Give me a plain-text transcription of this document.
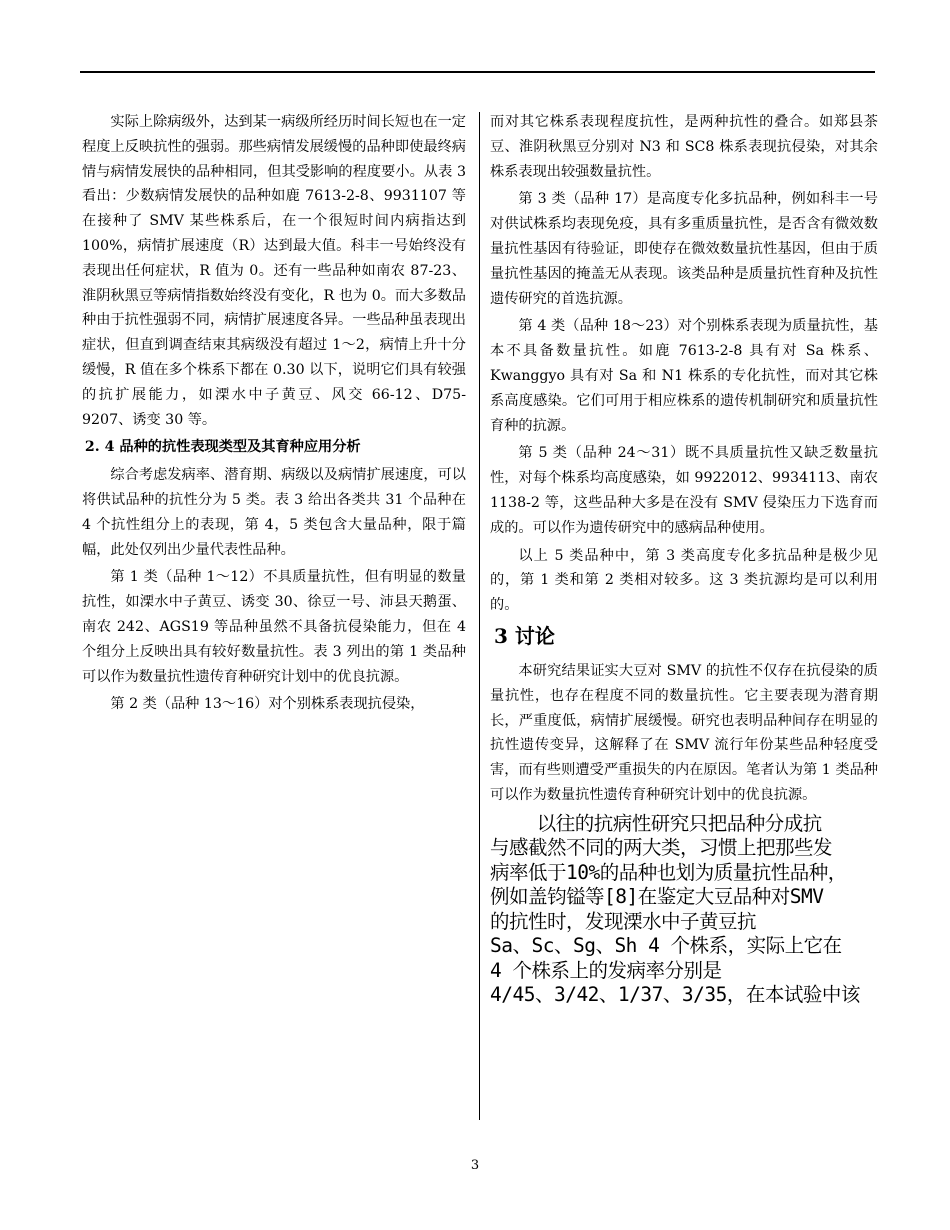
实际上除病级外，达到某一病级所经历时间长短也在一定程度上反映抗性的强弱。那些病情发展缓慢的品种即使最终病情与病情发展快的品种相同，但其受影响的程度要小。从表 3 看出：少数病情发展快的品种如鹿 7613-2-8、9931107 等在接种了 SMV 某些株系后，在一个很短时间内病指达到 100%，病情扩展速度（R）达到最大值。科丰一号始终没有表现出任何症状，R 值为 0。还有一些品种如南农 87-23、淮阴秋黑豆等病情指数始终没有变化，R 也为 0。而大多数品种由于抗性强弱不同，病情扩展速度各异。一些品种虽表现出症状，但直到调查结束其病级没有超过 1～2，病情上升十分缓慢，R 值在多个株系下都在 0.30 以下，说明它们具有较强的抗扩展能力，如溧水中子黄豆、风交 66-12、D75-9207、诱变 30 等。

2. 4 品种的抗性表现类型及其育种应用分析

综合考虑发病率、潜育期、病级以及病情扩展速度，可以将供试品种的抗性分为 5 类。表 3 给出各类共 31 个品种在 4 个抗性组分上的表现，第 4，5 类包含大量品种，限于篇幅，此处仅列出少量代表性品种。

第 1 类（品种 1～12）不具质量抗性，但有明显的数量抗性，如溧水中子黄豆、诱变 30、徐豆一号、沛县天鹅蛋、南农 242、AGS19 等品种虽然不具备抗侵染能力，但在 4 个组分上反映出具有较好数量抗性。表 3 列出的第 1 类品种可以作为数量抗性遗传育种研究计划中的优良抗源。

第 2 类（品种 13～16）对个别株系表现抗侵染，

而对其它株系表现程度抗性，是两种抗性的叠合。如郑县茶豆、淮阴秋黑豆分别对 N3 和 SC8 株系表现抗侵染，对其余株系表现出较强数量抗性。

第 3 类（品种 17）是高度专化多抗品种，例如科丰一号对供试株系均表现免疫，具有多重质量抗性，是否含有微效数量抗性基因有待验证，即使存在微效数量抗性基因，但由于质量抗性基因的掩盖无从表现。该类品种是质量抗性育种及抗性遗传研究的首选抗源。

第 4 类（品种 18～23）对个别株系表现为质量抗性，基本不具备数量抗性。如鹿 7613-2-8 具有对 Sa 株系、Kwanggyo 具有对 Sa 和 N1 株系的专化抗性，而对其它株系高度感染。它们可用于相应株系的遗传机制研究和质量抗性育种的抗源。

第 5 类（品种 24～31）既不具质量抗性又缺乏数量抗性，对每个株系均高度感染，如 9922012、9934113、南农 1138-2 等，这些品种大多是在没有 SMV 侵染压力下选育而成的。可以作为遗传研究中的感病品种使用。

以上 5 类品种中，第 3 类高度专化多抗品种是极少见的，第 1 类和第 2 类相对较多。这 3 类抗源均是可以利用的。

3 讨论

本研究结果证实大豆对 SMV 的抗性不仅存在抗侵染的质量抗性，也存在程度不同的数量抗性。它主要表现为潜育期长，严重度低，病情扩展缓慢。研究也表明品种间存在明显的抗性遗传变异，这解释了在 SMV 流行年份某些品种轻度受害，而有些则遭受严重损失的内在原因。笔者认为第 1 类品种可以作为数量抗性遗传育种研究计划中的优良抗源。

以往的抗病性研究只把品种分成抗
与感截然不同的两大类，习惯上把那些发
病率低于10%的品种也划为质量抗性品种，
例如盖钧镒等[8]在鉴定大豆品种对SMV
的抗性时，发现溧水中子黄豆抗
Sa、Sc、Sg、Sh 4 个株系，实际上它在
4 个株系上的发病率分别是
4/45、3/42、1/37、3/35，在本试验中该

3
